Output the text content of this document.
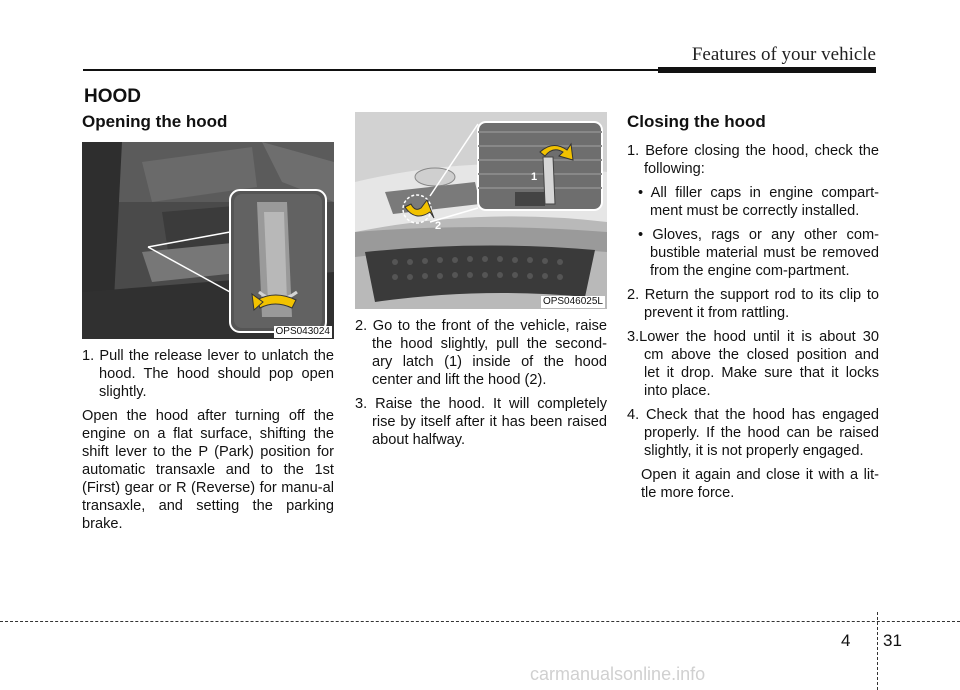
Features of your vehicle
HOOD
Opening the hood
OPS043024

1. Pull the release lever to unlatch the hood. The hood should pop open slightly.

Open the hood after turning off the engine on a flat surface, shifting the shift lever to the P (Park) position for automatic transaxle and to the 1st (First) gear or R (Reverse) for manu-al transaxle, and setting the parking brake.

1
2
OPS046025L

2. Go to the front of the vehicle, raise the hood slightly, pull the second-ary latch (1) inside of the hood center and lift the hood (2).

3. Raise the hood. It will completely rise by itself after it has been raised about halfway.

Closing the hood

1. Before closing the hood, check the following:

• All filler caps in engine compart-ment must be correctly installed.

• Gloves, rags or any other com-bustible material must be removed from the engine com-partment.

2. Return the support rod to its clip to prevent it from rattling.

3.Lower the hood until it is about 30 cm above the closed position and let it drop. Make sure that it locks into place.

4. Check that the hood has engaged properly. If the hood can be raised slightly, it is not properly engaged.

Open it again and close it with a lit-tle more force.

4 31
carmanualsonline.info
